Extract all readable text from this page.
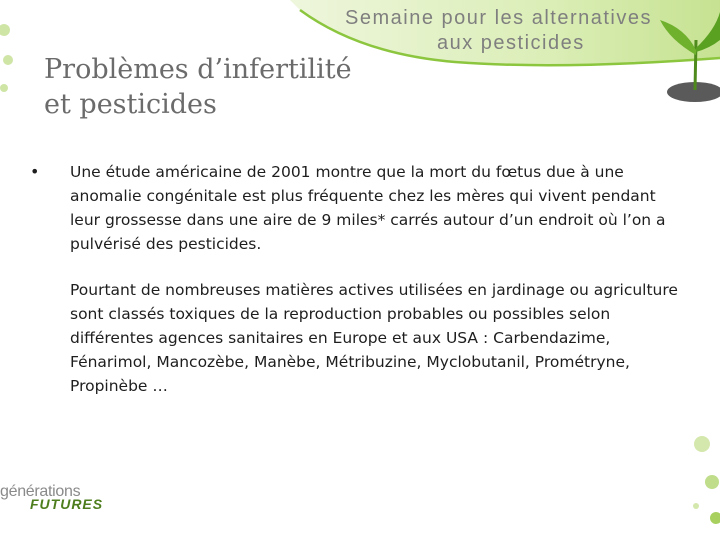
Semaine pour les alternatives
aux pesticides
Problèmes d’infertilité
et pesticides
•	Une étude américaine de 2001 montre que la mort du fœtus due à une anomalie congénitale est plus fréquente chez les mères qui vivent pendant leur grossesse dans une aire de 9 miles* carrés autour d’un endroit où l’on a pulvérisé des pesticides.
Pourtant de nombreuses matières actives utilisées en jardinage ou agriculture sont classés toxiques de la reproduction probables ou possibles selon différentes agences sanitaires en Europe et aux USA : Carbendazime, Fénarimol, Mancozèbe, Manèbe, Métribuzine, Myclobutanil, Prométryne, Propinèbe …
générations
FUTURES
